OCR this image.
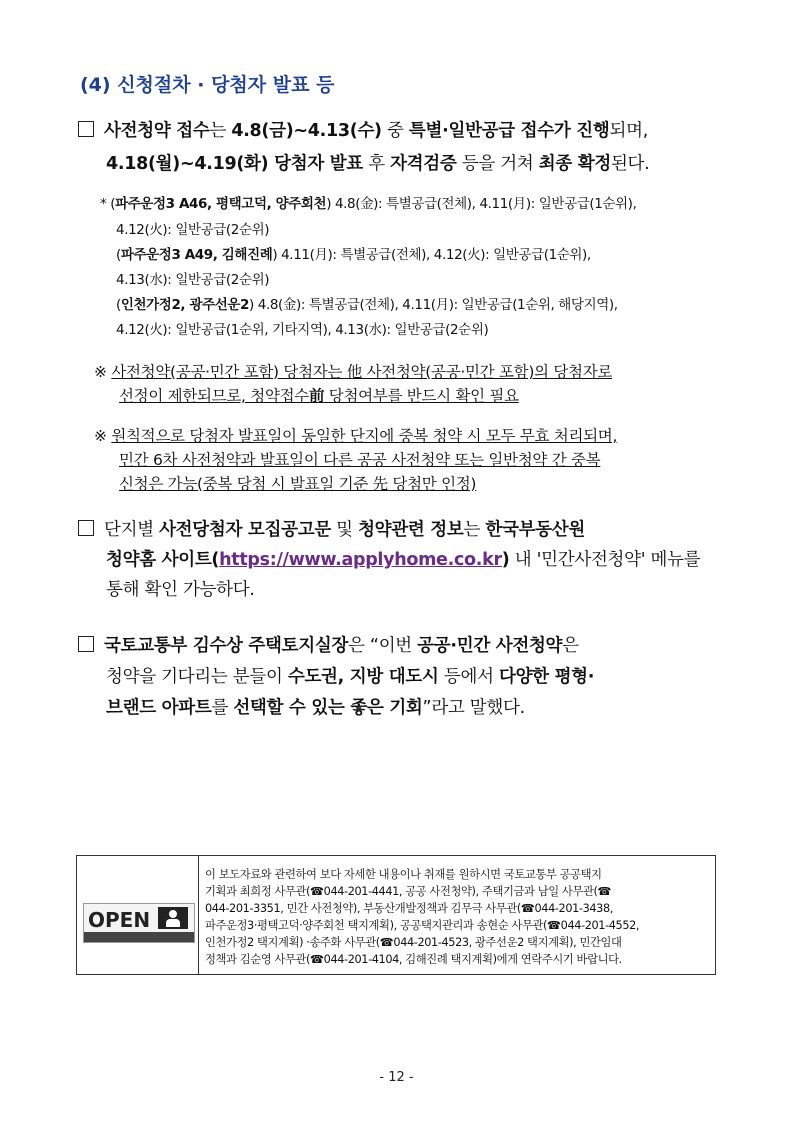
(4) 신청절차 · 당첨자 발표 등
사전청약 접수는 4.8(금)~4.13(수) 중 특별·일반공급 접수가 진행되며,
4.18(월)~4.19(화) 당첨자 발표 후 자격검증 등을 거쳐 최종 확정된다.
* (파주운정3 A46, 평택고덕, 양주회천) 4.8(金): 특별공급(전체), 4.11(月): 일반공급(1순위),
4.12(火): 일반공급(2순위)
(파주운정3 A49, 김해진례) 4.11(月): 특별공급(전체), 4.12(火): 일반공급(1순위),
4.13(水): 일반공급(2순위)
(인천가정2, 광주선운2) 4.8(金): 특별공급(전체), 4.11(月): 일반공급(1순위, 해당지역),
4.12(火): 일반공급(1순위, 기타지역), 4.13(水): 일반공급(2순위)
※ 사전청약(공공·민간 포함) 당첨자는 他 사전청약(공공·민간 포함)의 당첨자로
선정이 제한되므로, 청약접수前 당첨여부를 반드시 확인 필요
※ 원칙적으로 당첨자 발표일이 동일한 단지에 중복 청약 시 모두 무효 처리되며,
민간 6차 사전청약과 발표일이 다른 공공 사전청약 또는 일반청약 간 중복
신청은 가능(중복 당첨 시 발표일 기준 先 당첨만 인정)
단지별 사전당첨자 모집공고문 및 청약관련 정보는 한국부동산원
청약홈 사이트(https://www.applyhome.co.kr) 내 '민간사전청약' 메뉴를
통해 확인 가능하다.
국토교통부 김수상 주택토지실장은 “이번 공공·민간 사전청약은
청약을 기다리는 분들이 수도권, 지방 대도시 등에서 다양한 평형·
브랜드 아파트를 선택할 수 있는 좋은 기회”라고 말했다.
OPEN
이 보도자료와 관련하여 보다 자세한 내용이나 취재를 원하시면 국토교통부 공공택지
기획과 최희정 사무관(☎044-201-4441, 공공 사전청약), 주택기금과 남일 사무관(☎
044-201-3351, 민간 사전청약), 부동산개발정책과 김무극 사무관(☎044-201-3438,
파주운정3·평택고덕·양주회천 택지계획), 공공택지관리과 송현순 사무관(☎044-201-4552,
인천가정2 택지계획) ·송주화 사무관(☎044-201-4523, 광주선운2 택지계획), 민간임대
정책과 김순영 사무관(☎044-201-4104, 김해진례 택지계획)에게 연락주시기 바랍니다.
- 12 -
